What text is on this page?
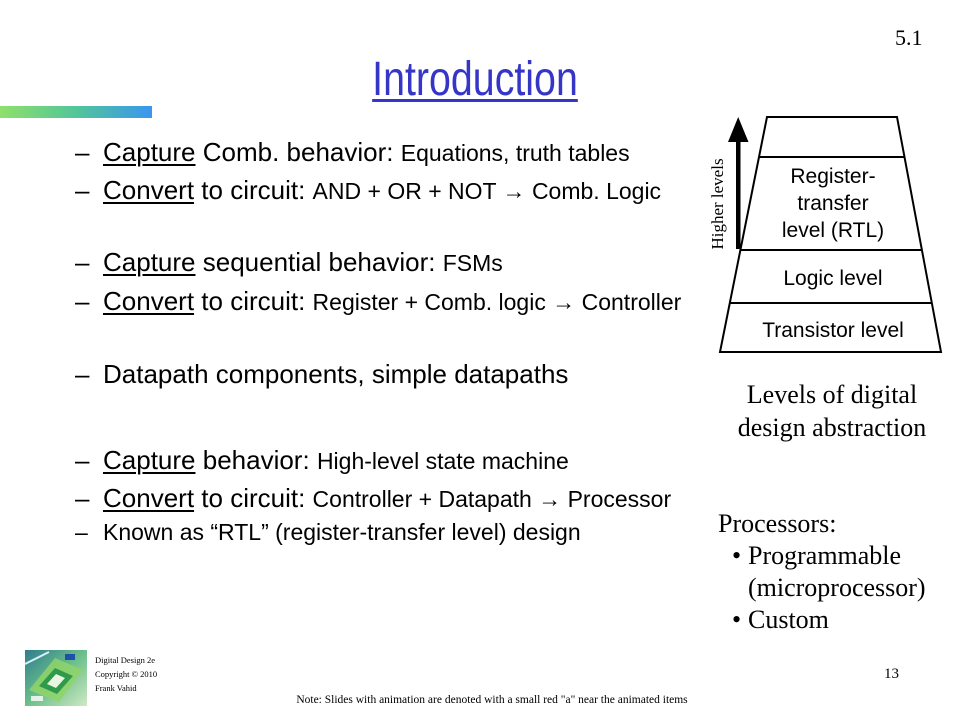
5.1
Introduction
– Capture Comb. behavior: Equations, truth tables
– Convert to circuit: AND + OR + NOT → Comb. Logic
– Capture sequential behavior: FSMs
– Convert to circuit: Register + Comb. logic → Controller
– Datapath components, simple datapaths
– Capture behavior: High-level state machine
– Convert to circuit: Controller + Datapath → Processor
– Known as “RTL” (register-transfer level) design
Register-
transfer
level (RTL)
Logic level
Transistor level
Higher levels
Levels of digital
design abstraction
Processors:
• Programmable
(microprocessor)
• Custom
Digital Design 2e
Copyright © 2010
Frank Vahid
13
Note: Slides with animation are denoted with a small red "a" near the animated items
